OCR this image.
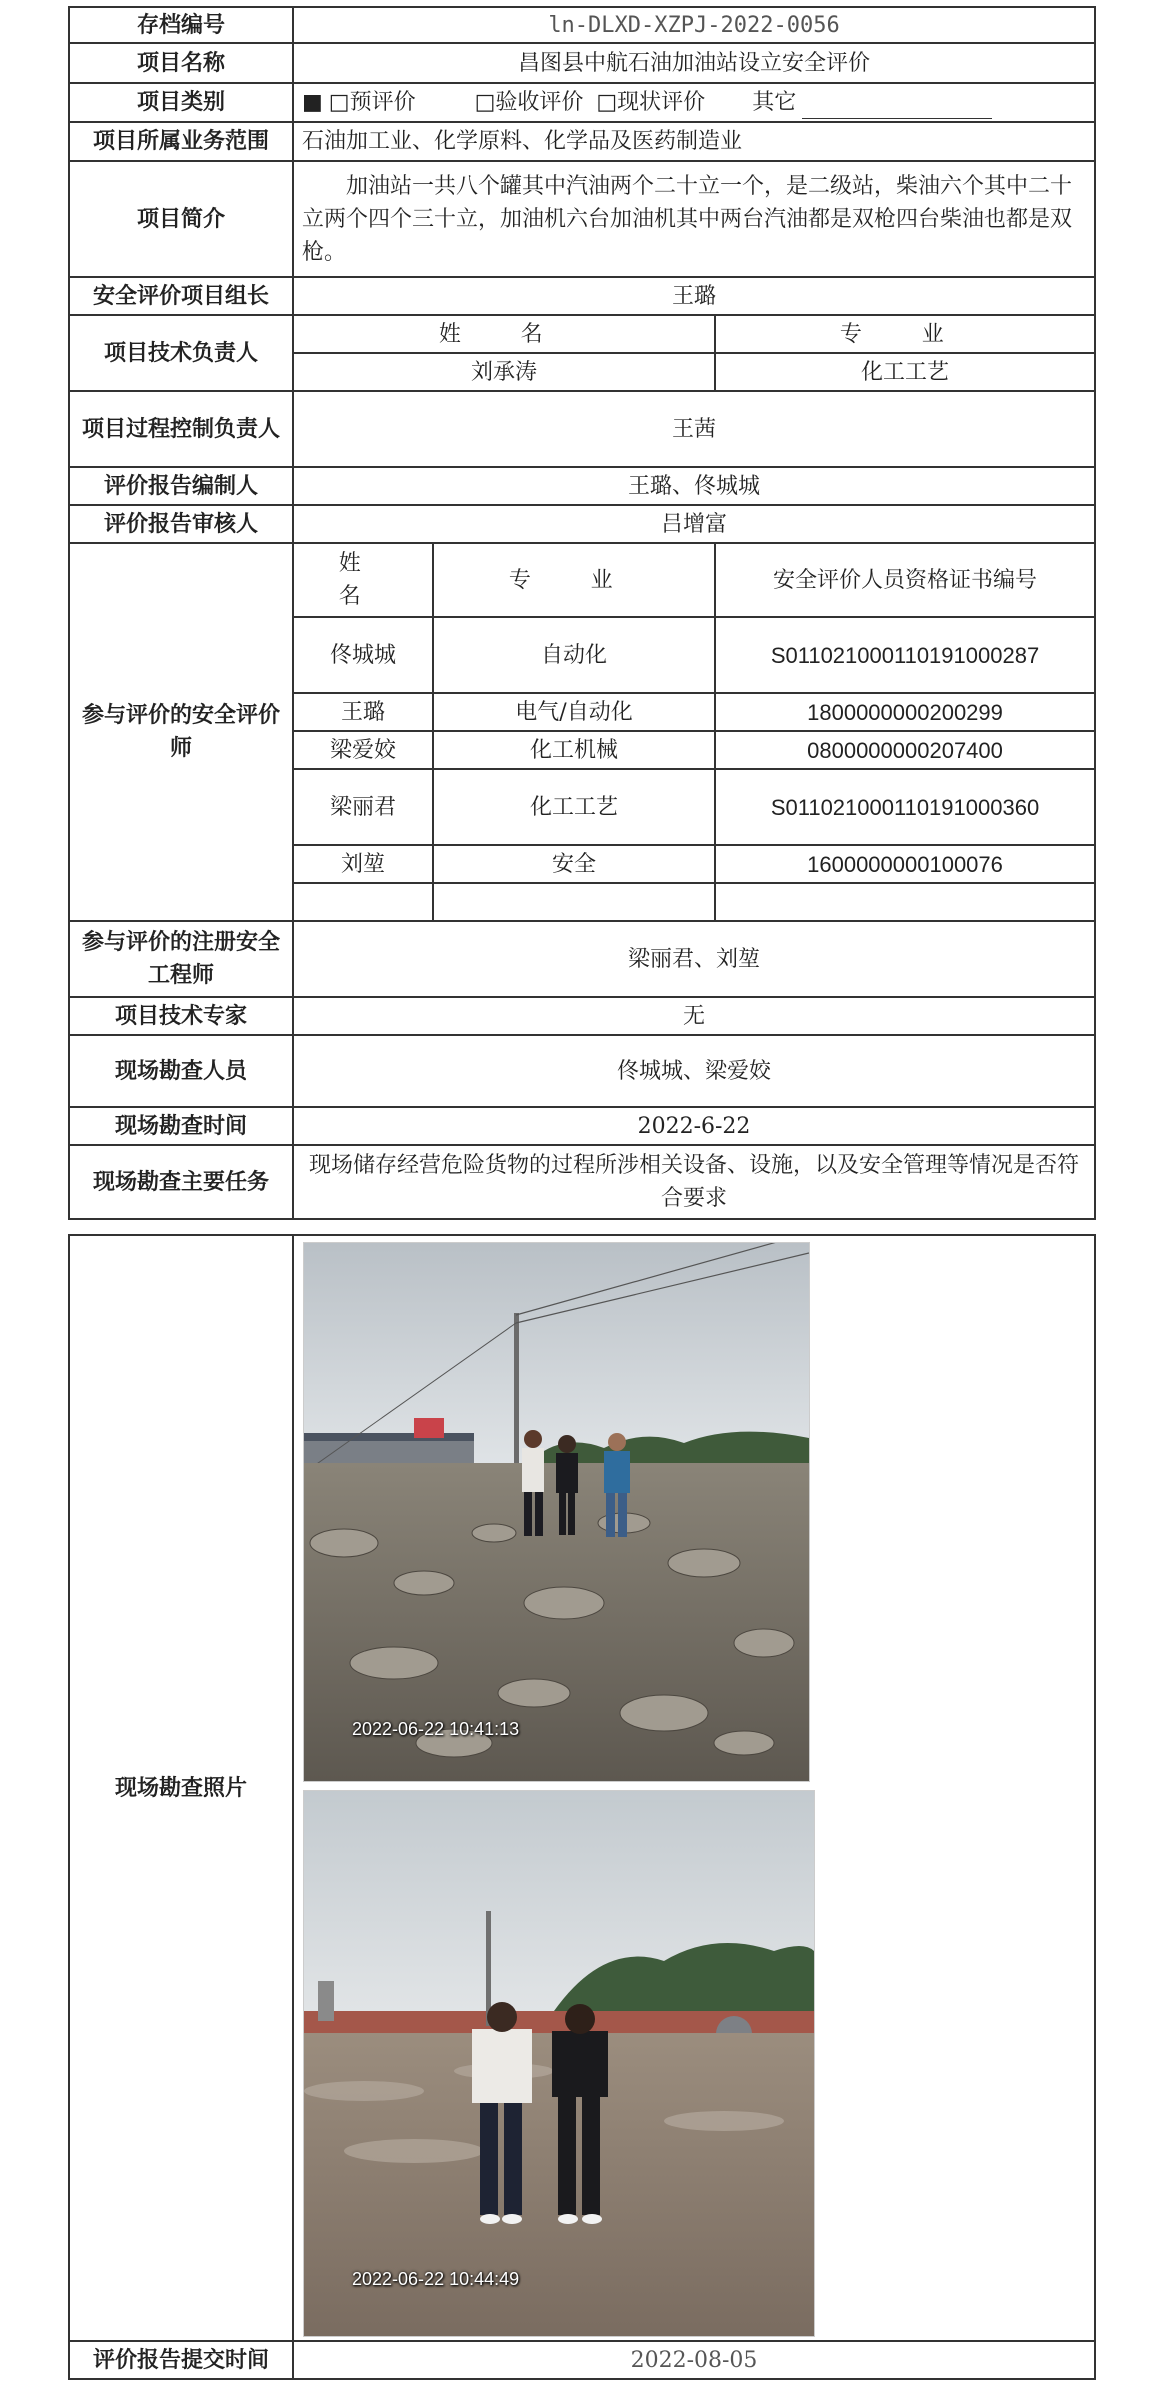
存档编号	ln-DLXD-XZPJ-2022-0056		
项目名称	昌图县中航石油加油站设立安全评价		
项目类别	■ □预评价 □验收评价 □现状评价 其它		
项目所属业务范围	石油加工业、化学原料、化学品及医药制造业		
项目简介	加油站一共八个罐其中汽油两个二十立一个，是二级站，柴油六个其中二十立两个四个三十立，加油机六台加油机其中两台汽油都是双枪四台柴油也都是双枪。		
安全评价项目组长	王璐		
项目技术负责人	姓 名		专 业
	刘承涛		化工工艺
项目过程控制负责人	王茜		
评价报告编制人	王璐、佟城城		
评价报告审核人	吕增富		
参与评价的安全评价师	姓 名	专 业	安全评价人员资格证书编号
	佟城城	自动化	S011021000110191000287
	王璐	电气/自动化	1800000000200299
	梁爱姣	化工机械	0800000000207400
	梁丽君	化工工艺	S011021000110191000360
	刘堃	安全	1600000000100076

参与评价的注册安全工程师	梁丽君、刘堃		
项目技术专家	无		
现场勘查人员	佟城城、梁爱姣		
现场勘查时间	2022-6-22		
现场勘查主要任务	现场储存经营危险货物的过程所涉相关设备、设施，以及安全管理等情况是否符合要求		
现场勘查照片	
评价报告提交时间	2022-08-05
2022-06-22 10:41:13
2022-06-22 10:44:49
